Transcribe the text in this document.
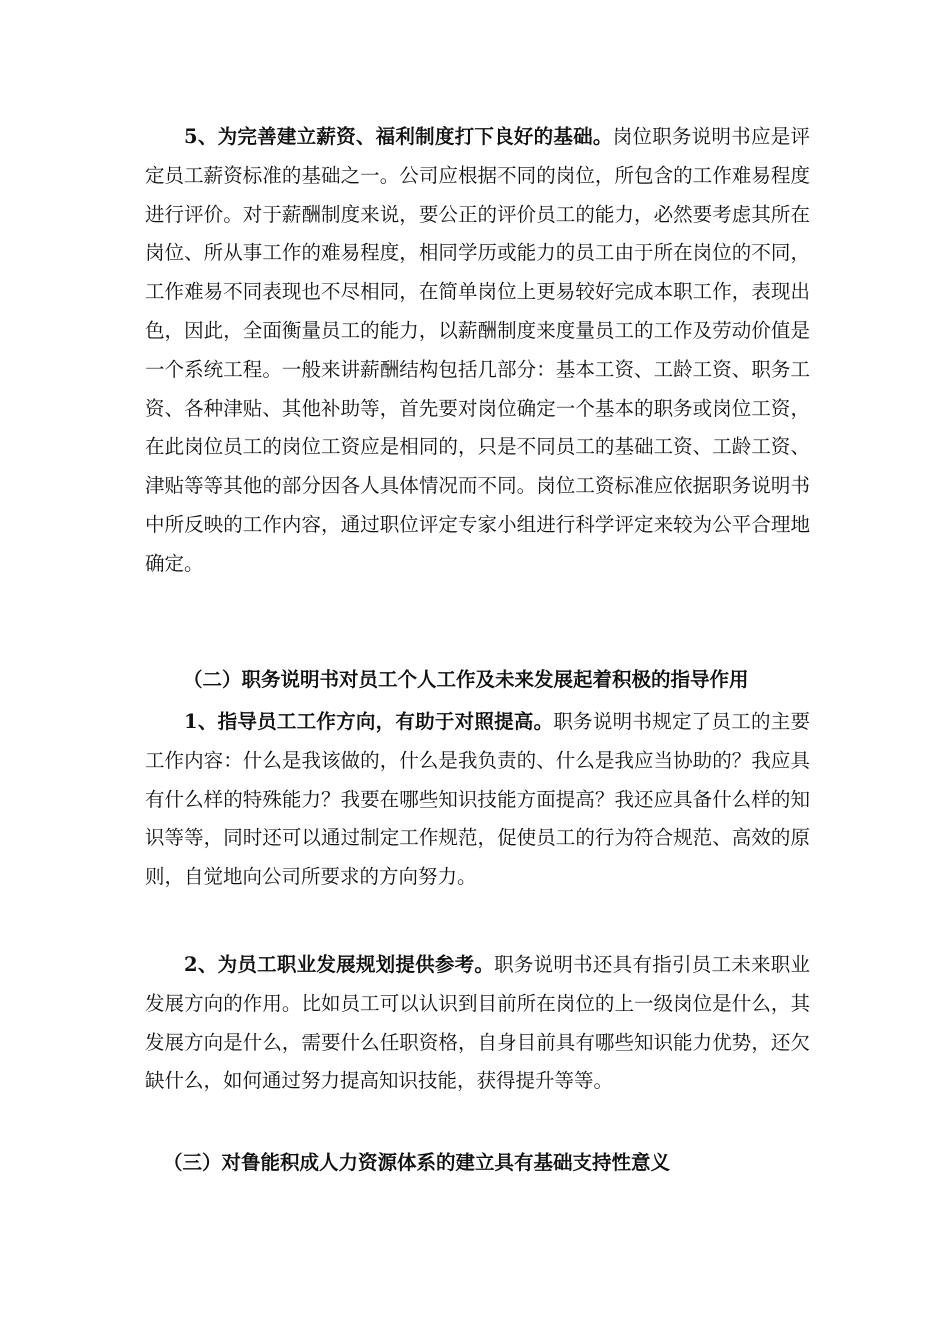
5、为完善建立薪资、福利制度打下良好的基础。岗位职务说明书应是评定员工薪资标准的基础之一。公司应根据不同的岗位，所包含的工作难易程度进行评价。对于薪酬制度来说，要公正的评价员工的能力，必然要考虑其所在岗位、所从事工作的难易程度，相同学历或能力的员工由于所在岗位的不同，工作难易不同表现也不尽相同，在简单岗位上更易较好完成本职工作，表现出色，因此，全面衡量员工的能力，以薪酬制度来度量员工的工作及劳动价值是一个系统工程。一般来讲薪酬结构包括几部分：基本工资、工龄工资、职务工资、各种津贴、其他补助等，首先要对岗位确定一个基本的职务或岗位工资，在此岗位员工的岗位工资应是相同的，只是不同员工的基础工资、工龄工资、津贴等等其他的部分因各人具体情况而不同。岗位工资标准应依据职务说明书中所反映的工作内容，通过职位评定专家小组进行科学评定来较为公平合理地确定。

（二）职务说明书对员工个人工作及未来发展起着积极的指导作用

1、指导员工工作方向，有助于对照提高。职务说明书规定了员工的主要工作内容：什么是我该做的，什么是我负责的、什么是我应当协助的？我应具有什么样的特殊能力？我要在哪些知识技能方面提高？我还应具备什么样的知识等等，同时还可以通过制定工作规范，促使员工的行为符合规范、高效的原则，自觉地向公司所要求的方向努力。

2、为员工职业发展规划提供参考。职务说明书还具有指引员工未来职业发展方向的作用。比如员工可以认识到目前所在岗位的上一级岗位是什么，其发展方向是什么，需要什么任职资格，自身目前具有哪些知识能力优势，还欠缺什么，如何通过努力提高知识技能，获得提升等等。

（三）对鲁能积成人力资源体系的建立具有基础支持性意义
